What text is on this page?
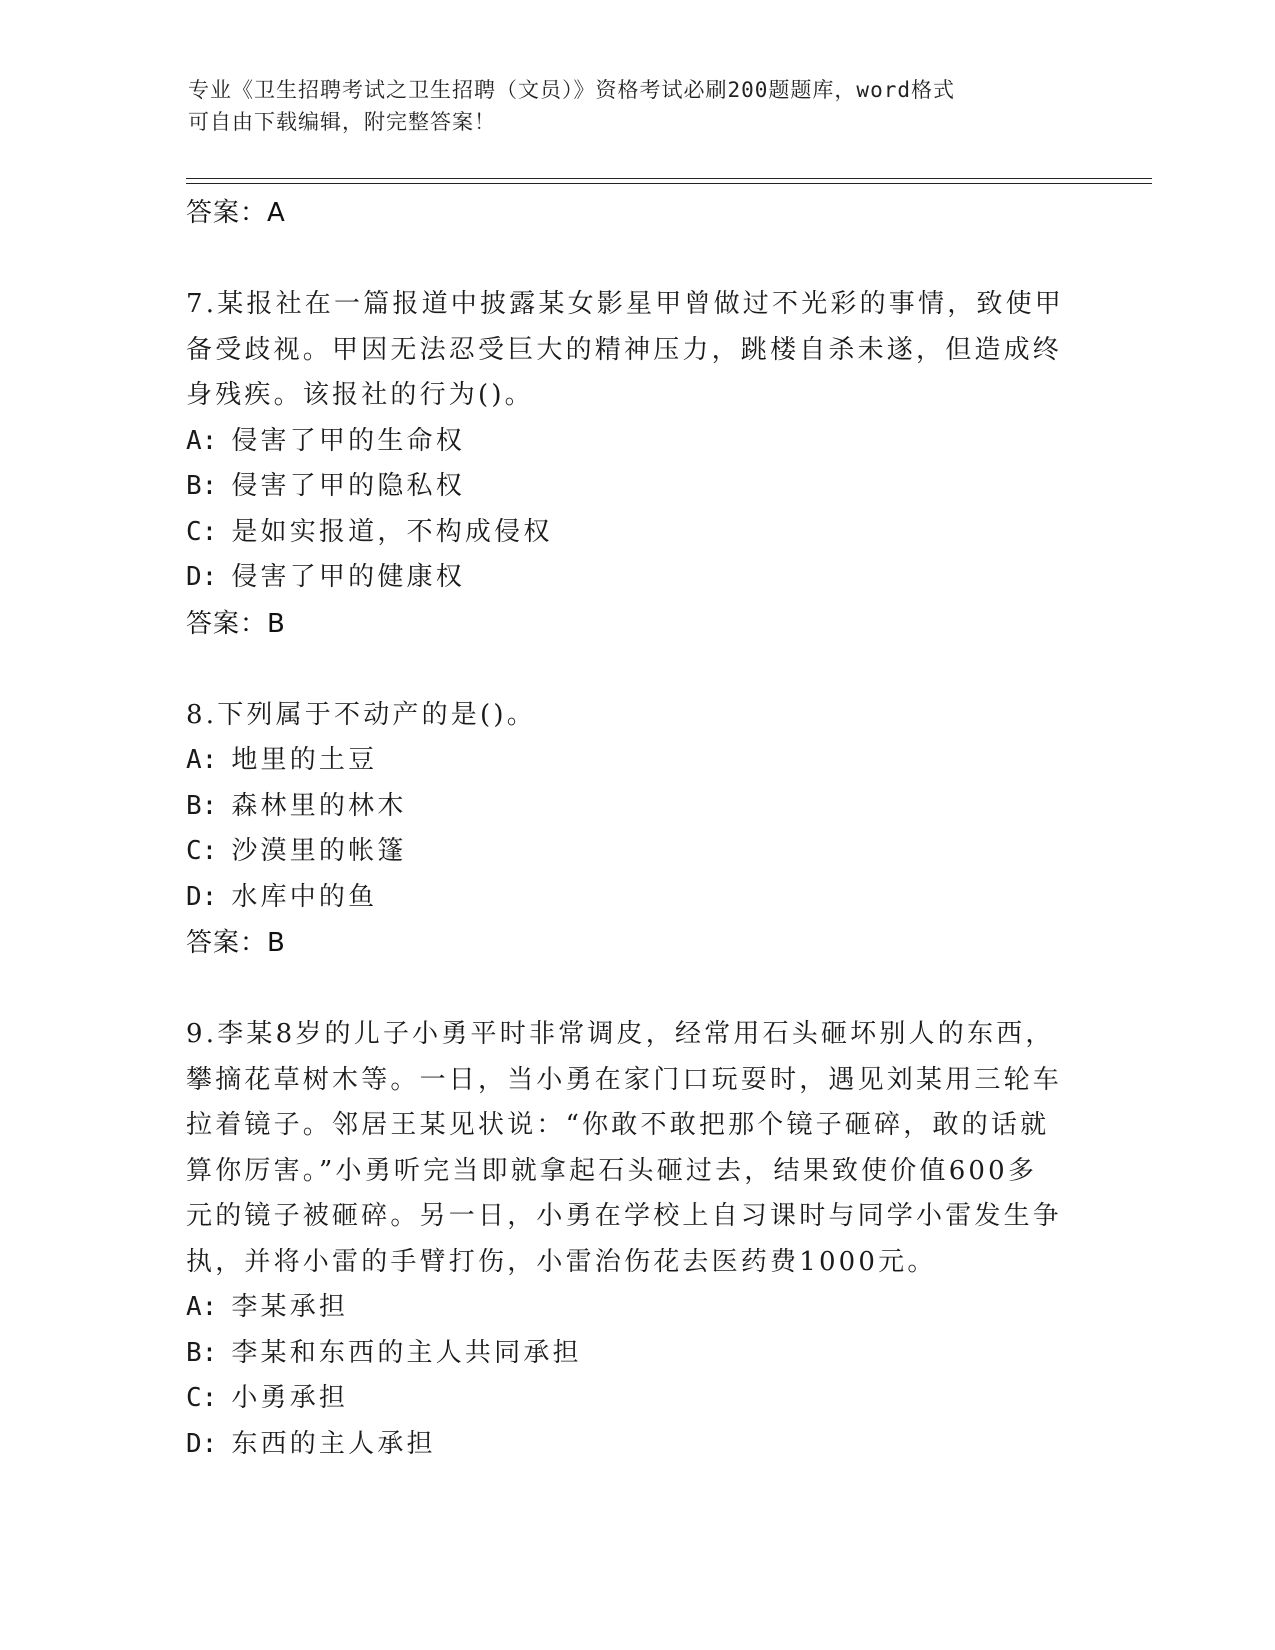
专业《卫生招聘考试之卫生招聘（文员）》资格考试必刷200题题库，word格式
可自由下载编辑，附完整答案！
答案：A
7.某报社在一篇报道中披露某女影星甲曾做过不光彩的事情，致使甲
备受歧视。甲因无法忍受巨大的精神压力，跳楼自杀未遂，但造成终
身残疾。该报社的行为()。
A: 侵害了甲的生命权
B: 侵害了甲的隐私权
C: 是如实报道，不构成侵权
D: 侵害了甲的健康权
答案：B
8.下列属于不动产的是()。
A: 地里的土豆
B: 森林里的林木
C: 沙漠里的帐篷
D: 水库中的鱼
答案：B
9.李某8岁的儿子小勇平时非常调皮，经常用石头砸坏别人的东西，
攀摘花草树木等。一日，当小勇在家门口玩耍时，遇见刘某用三轮车
拉着镜子。邻居王某见状说：“你敢不敢把那个镜子砸碎，敢的话就
算你厉害。”小勇听完当即就拿起石头砸过去，结果致使价值600多
元的镜子被砸碎。另一日，小勇在学校上自习课时与同学小雷发生争
执，并将小雷的手臂打伤，小雷治伤花去医药费1000元。
A: 李某承担
B: 李某和东西的主人共同承担
C: 小勇承担
D: 东西的主人承担
